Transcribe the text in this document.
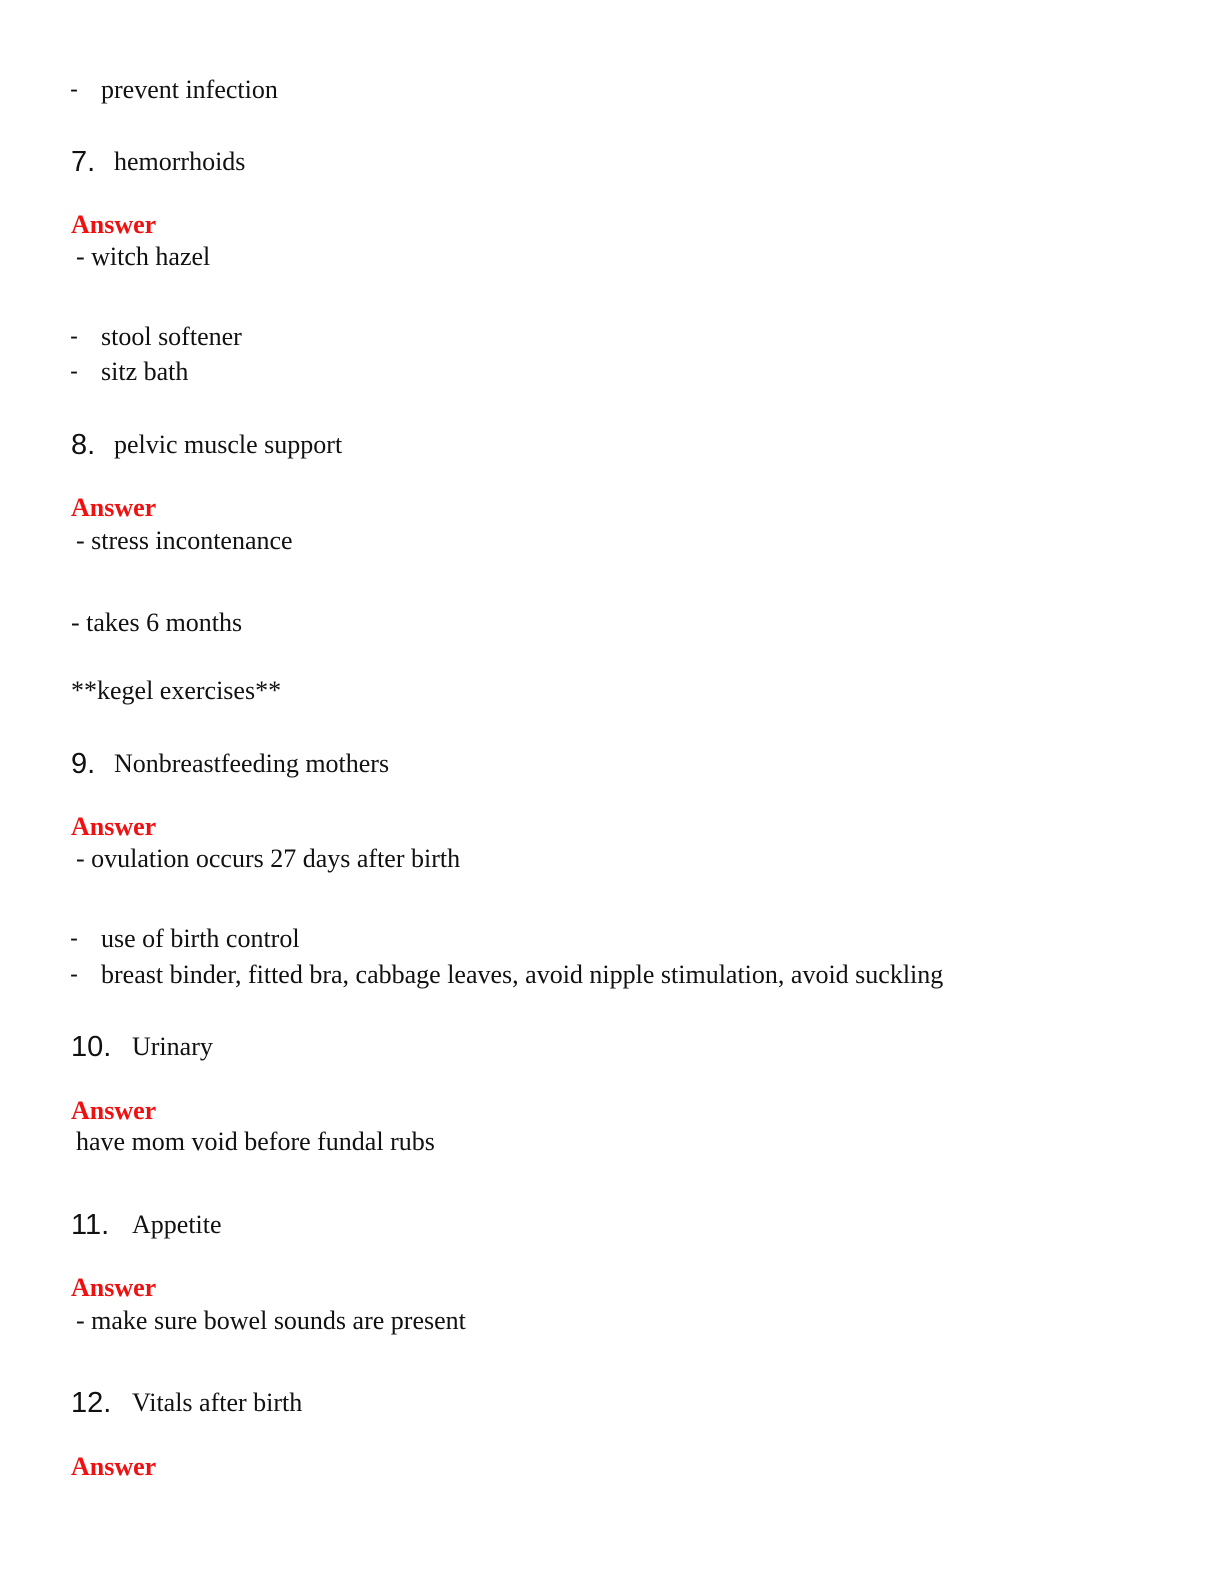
- prevent infection
7. hemorrhoids
Answer
- witch hazel
- stool softener
- sitz bath
8. pelvic muscle support
Answer
- stress incontenance
- takes 6 months
**kegel exercises**
9. Nonbreastfeeding mothers
Answer
- ovulation occurs 27 days after birth
- use of birth control
- breast binder, fitted bra, cabbage leaves, avoid nipple stimulation, avoid suckling
10. Urinary
Answer
have mom void before fundal rubs
11. Appetite
Answer
- make sure bowel sounds are present
12. Vitals after birth
Answer
